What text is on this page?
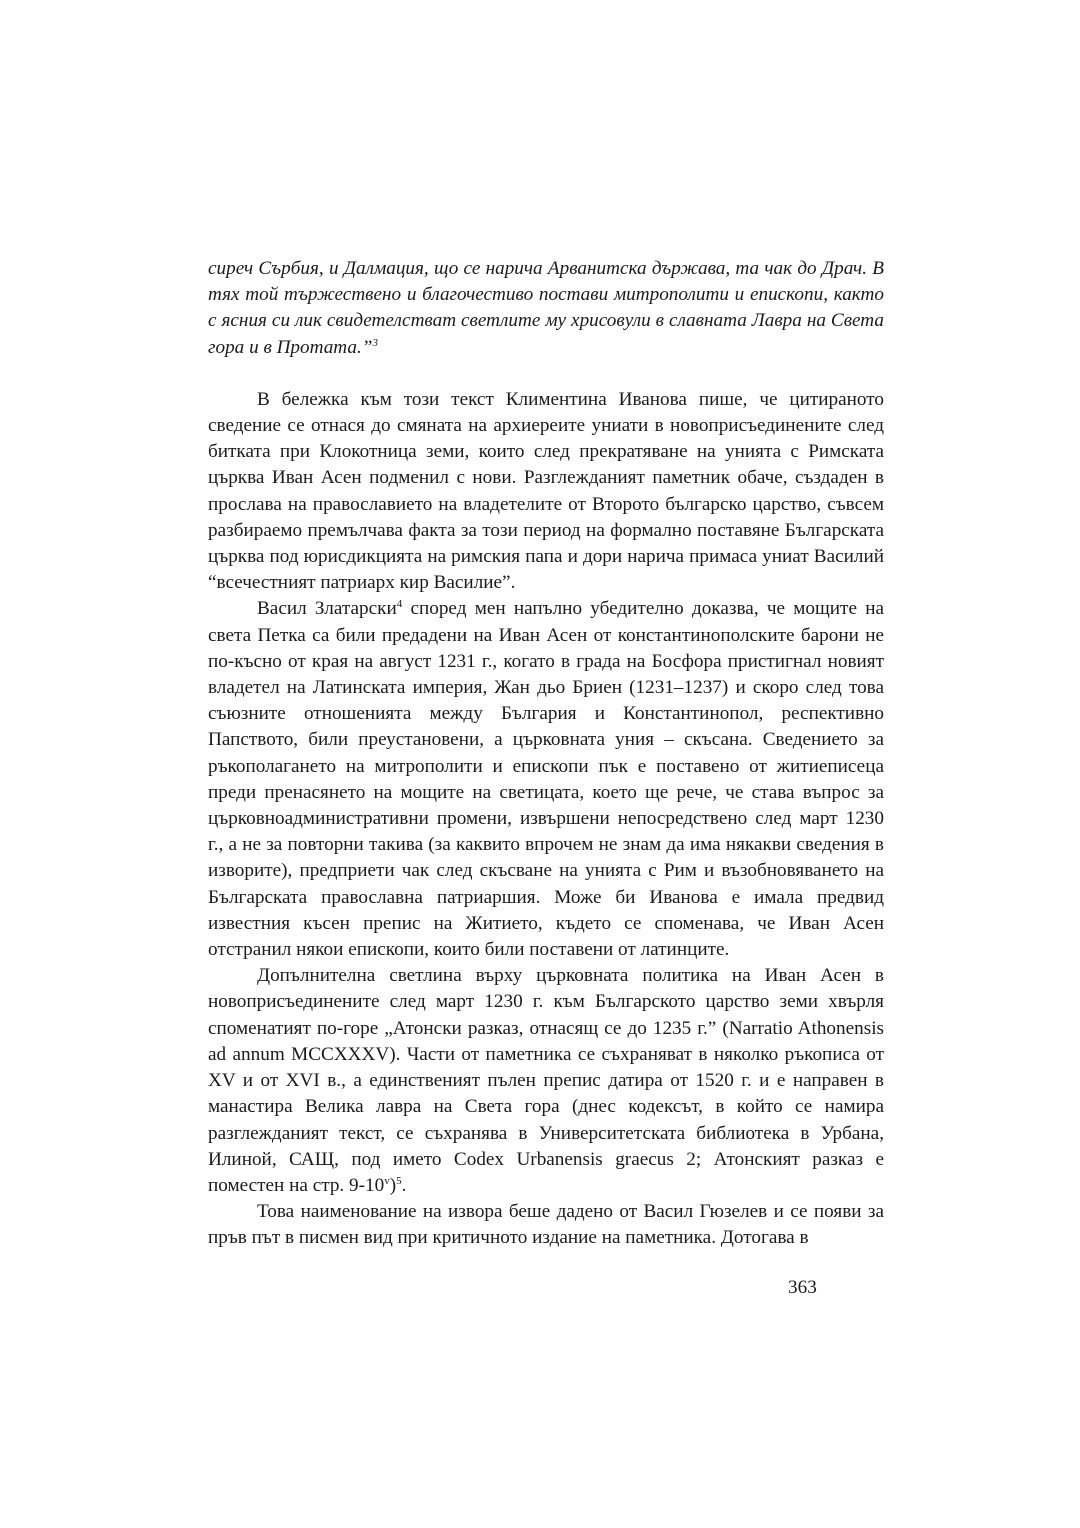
сиреч Сърбия, и Далмация, що се нарича Арванитска държава, та чак до Драч. В тях той тържествено и благочестиво постави митрополити и епископи, както с ясния си лик свидетелстват светлите му хрисовули в славната Лавра на Света гора и в Протата.”$^3$

В бележка към този текст Климентина Иванова пише, че цитираното сведение се отнася до смяната на архиереите униати в новоприсъединените след битката при Клокотница земи, които след прекратяване на унията с Римската църква Иван Асен подменил с нови. Разглежданият паметник обаче, създаден в прослава на православието на владетелите от Второто българско царство, съвсем разбираемо премълчава факта за този период на формално поставяне Българската църква под юрисдикцията на римския папа и дори нарича примаса униат Василий “всечестният патриарх кир Василие”.

Васил Златарски$^4$ според мен напълно убедително доказва, че мощите на света Петка са били предадени на Иван Асен от константинополските барони не по-късно от края на август 1231 г., когато в града на Босфора пристигнал новият владетел на Латинската империя, Жан дьо Бриен (1231–1237) и скоро след това съюзните отношенията между България и Константинопол, респективно Папството, били преустановени, а църковната уния – скъсана. Сведението за ръкополагането на митрополити и епископи пък е поставено от житиеписеца преди пренасянето на мощите на светицата, което ще рече, че става въпрос за църковноадминистративни промени, извършени непосредствено след март 1230 г., а не за повторни такива (за каквито впрочем не знам да има някакви сведения в изворите), предприети чак след скъсване на унията с Рим и възобновяването на Българската православна патриаршия. Може би Иванова е имала предвид известния късен препис на Житието, където се споменава, че Иван Асен отстранил някои епископи, които били поставени от латинците.

Допълнителна светлина върху църковната политика на Иван Асен в новоприсъединените след март 1230 г. към Българското царство земи хвърля споменатият по-горе „Атонски разказ, отнасящ се до 1235 г.” (Narratio Athonensis ad annum MCCXXXV). Части от паметника се съхраняват в няколко ръкописа от XV и от XVI в., а единственият пълен препис датира от 1520 г. и е направен в манастира Велика лавра на Света гора (днес кодексът, в който се намира разглежданият текст, се съхранява в Университетската библиотека в Урбана, Илиной, САЩ, под името Codex Urbanensis graecus 2; Атонският разказ е поместен на стр. 9-10$^v$)$^5$.

Това наименование на извора беше дадено от Васил Гюзелев и се появи за пръв път в писмен вид при критичното издание на паметника. Дотогава в

363
